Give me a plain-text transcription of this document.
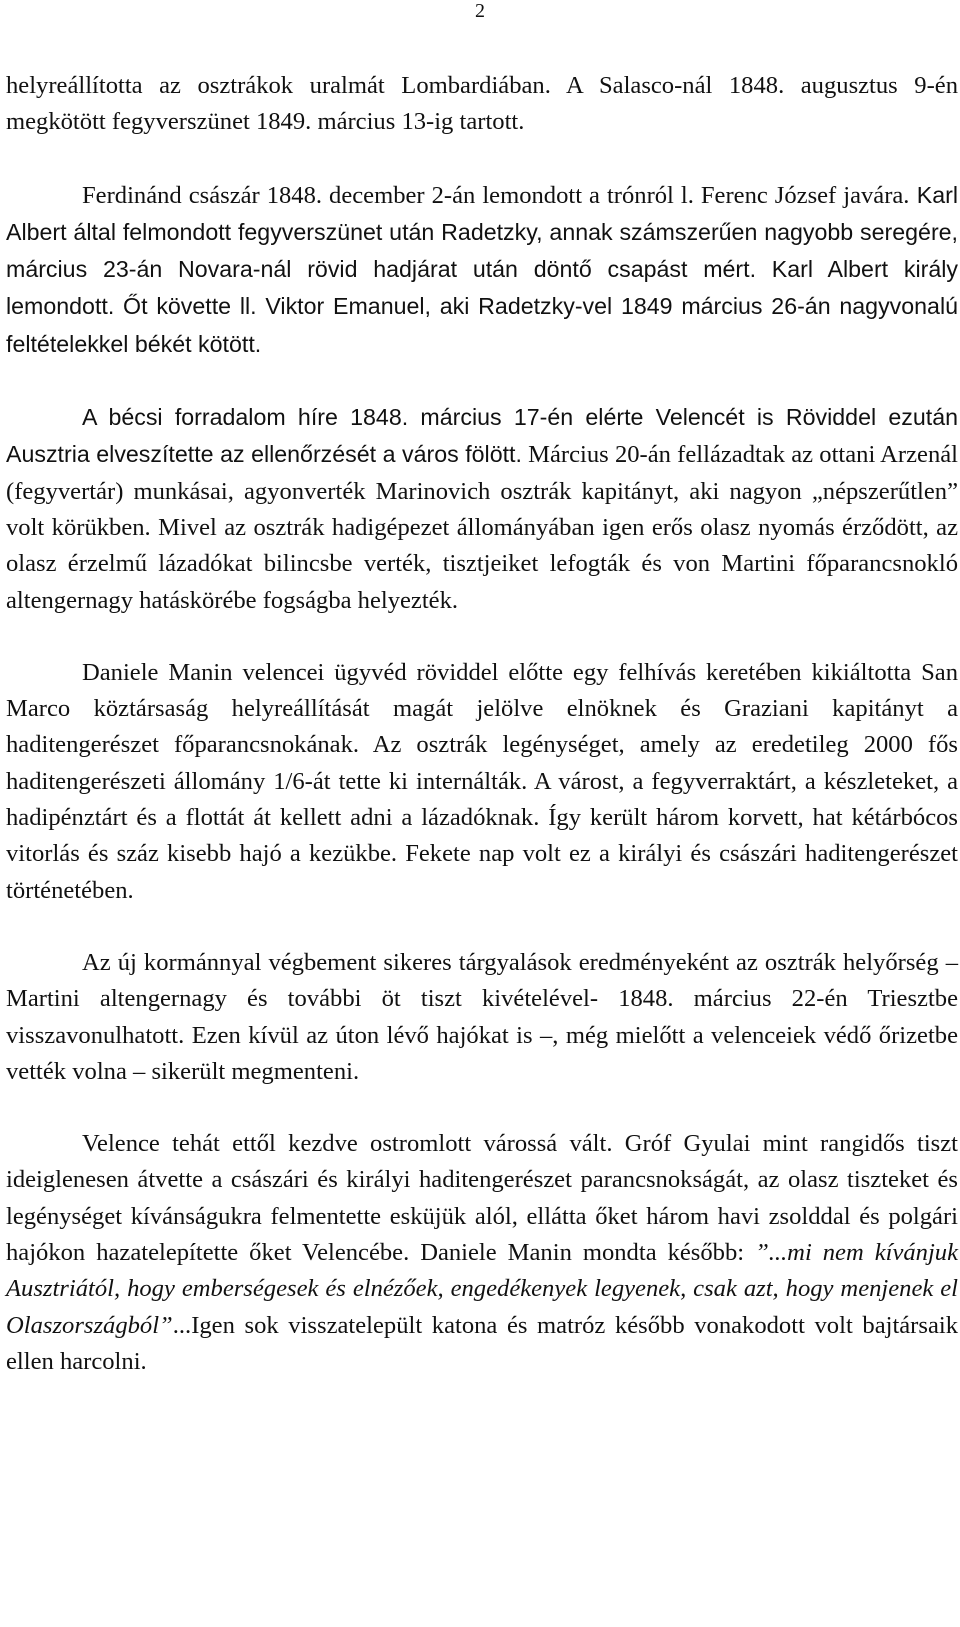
2

helyreállította az osztrákok uralmát Lombardiában. A Salasco-nál 1848. augusztus 9-én megkötött fegyverszünet 1849. március 13-ig tartott.

Ferdinánd császár 1848. december 2-án lemondott a trónról l. Ferenc József javára. Karl Albert által felmondott fegyverszünet után Radetzky, annak számszerűen nagyobb seregére, március 23-án Novara-nál rövid hadjárat után döntő csapást mért. Karl Albert király lemondott. Őt követte ll. Viktor Emanuel, aki Radetzky-vel 1849 március 26-án nagyvonalú feltételekkel békét kötött.

A bécsi forradalom híre 1848. március 17-én elérte Velencét is Röviddel ezután Ausztria elveszítette az ellenőrzését a város fölött. Március 20-án fellázadtak az ottani Arzenál (fegyvertár) munkásai, agyonverték Marinovich osztrák kapitányt, aki nagyon „népszerűtlen” volt körükben. Mivel az osztrák hadigépezet állományában igen erős olasz nyomás érződött, az olasz érzelmű lázadókat bilincsbe verték, tisztjeiket lefogták és von Martini főparancsnokló altengernagy hatáskörébe fogságba helyezték.

Daniele Manin velencei ügyvéd röviddel előtte egy felhívás keretében kikiáltotta San Marco köztársaság helyreállítását magát jelölve elnöknek és Graziani kapitányt a haditengerészet főparancsnokának. Az osztrák legénységet, amely az eredetileg 2000 fős haditengerészeti állomány 1/6-át tette ki internálták. A várost, a fegyverraktárt, a készleteket, a hadipénztárt és a flottát át kellett adni a lázadóknak. Így került három korvett, hat kétárbócos vitorlás és száz kisebb hajó a kezükbe. Fekete nap volt ez a királyi és császári haditengerészet történetében.

Az új kormánnyal végbement sikeres tárgyalások eredményeként az osztrák helyőrség – Martini altengernagy és további öt tiszt kivételével- 1848. március 22-én Triesztbe visszavonulhatott. Ezen kívül az úton lévő hajókat is –, még mielőtt a velenceiek védő őrizetbe vették volna – sikerült megmenteni.

Velence tehát ettől kezdve ostromlott várossá vált. Gróf Gyulai mint rangidős tiszt ideiglenesen átvette a császári és királyi haditengerészet parancsnokságát, az olasz tiszteket és legénységet kívánságukra felmentette esküjük alól, ellátta őket három havi zsolddal és polgári hajókon hazatelepítette őket Velencébe. Daniele Manin mondta később: ”...mi nem kívánjuk Ausztriától, hogy emberségesek és elnézőek, engedékenyek legyenek, csak azt, hogy menjenek el Olaszországból”...Igen sok visszatelepült katona és matróz később vonakodott volt bajtársaik ellen harcolni.
